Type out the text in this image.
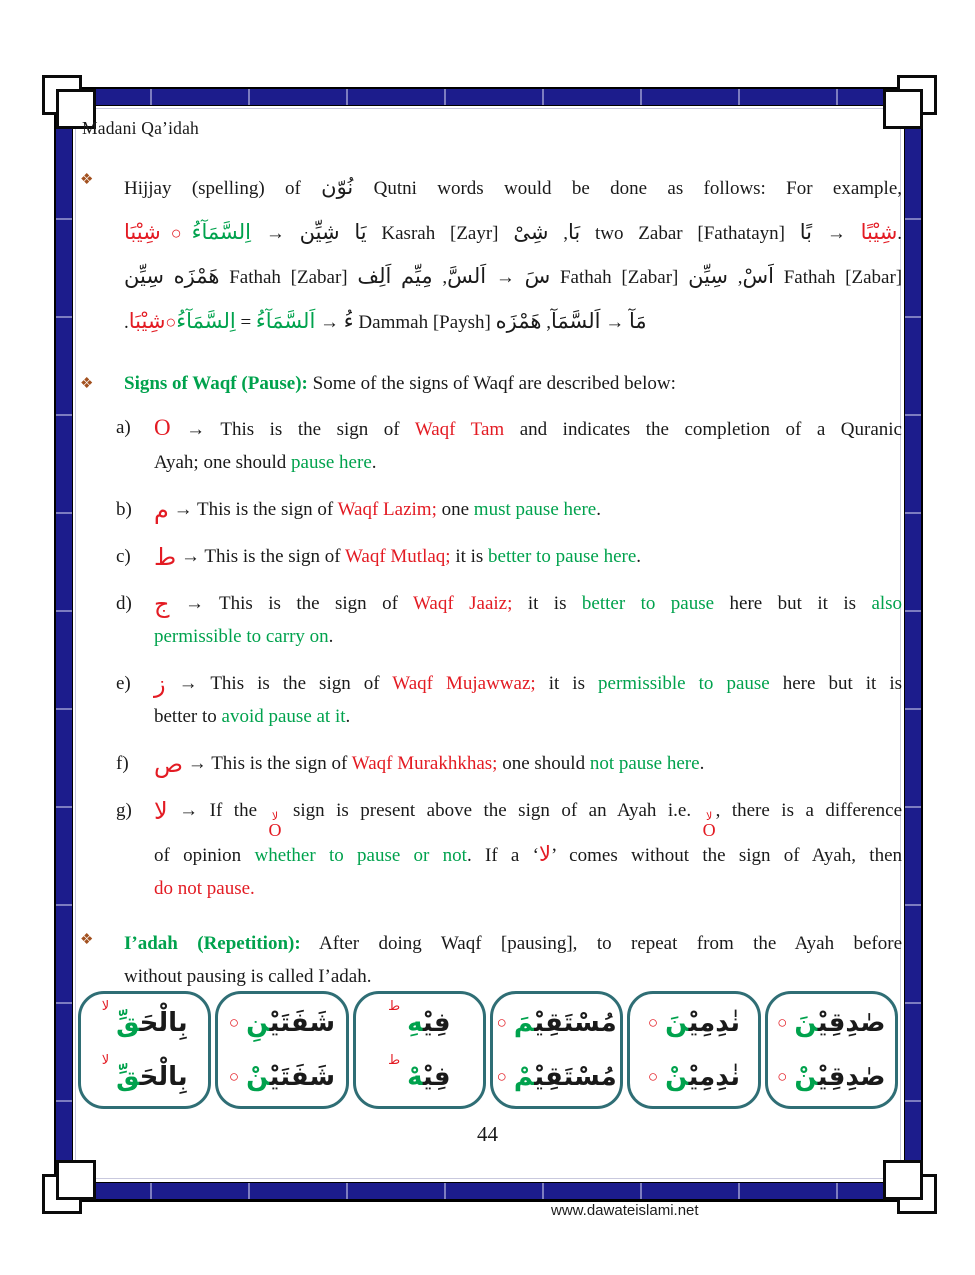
Madani Qa’idah
❖	Hijjay (spelling) of نُوّن Qutni words would be done as follows: For example,
شِيْبَا○اِلسَّمَآءُ → شِيِّن يَا Kasrah [Zayr] شِىْ ,بَا two Zabar [Fathatayn] بًا → شِيْبًا.
سِيِّن هَمْزَه Fathah [Zabar] اَلِف مِيِّم ,اَلسَّ → سَ Fathah [Zabar] سِيِّن ,اَسْ Fathah [Zabar]
.شِيْبَا○اِلسَّمَآءُ = اَلسَّمَآءُ → ءُ Dammah [Paysh] هَمْزَه ,اَلسَّمَآ → مَآ
❖	Signs of Waqf (Pause): Some of the signs of Waqf are described below:
a)	O → This is the sign of Waqf Tam and indicates the completion of a Quranic
Ayah; one should pause here.
b) م → This is the sign of Waqf Lazim; one must pause here.
c) ط → This is the sign of Waqf Mutlaq; it is better to pause here.
d) ج → This is the sign of Waqf Jaaiz; it is better to pause here but it is also
permissible to carry on.
e) ز → This is the sign of Waqf Mujawwaz; it is permissible to pause here but it is
better to avoid pause at it.
f)	ص → This is the sign of Waqf Murakhkhas; one should not pause here.
g) لا → If the لا
O
sign is present above the sign of an Ayah i.e. لا
O
, there is a difference
of opinion whether to pause or not. If a ‘لا’ comes without the sign of Ayah, then
do not pause.
❖	I’adah (Repetition): After doing Waqf [pausing], to repeat from the Ayah before
without pausing is called I’adah.
لا
بِالْحَ‍‍قِّ
لا
بِالْحَ‍‍قِّ
○	شَفَتَيْ‍‍نِ
○	شَفَتَيْ‍‍نْ
ط
فِيْ‍‍هِ
ط
فِيْ‍‍هْ
○	مُسْتَقِيْ‍‍مَ
○	مُسْتَقِيْ‍‍مْ
○	نٰدِمِيْ‍‍نَ
○	نٰدِمِيْ‍‍نْ
○	صٰدِقِيْ‍‍نَ
○	صٰدِقِيْ‍‍نْ
44
www.dawateislami.net
